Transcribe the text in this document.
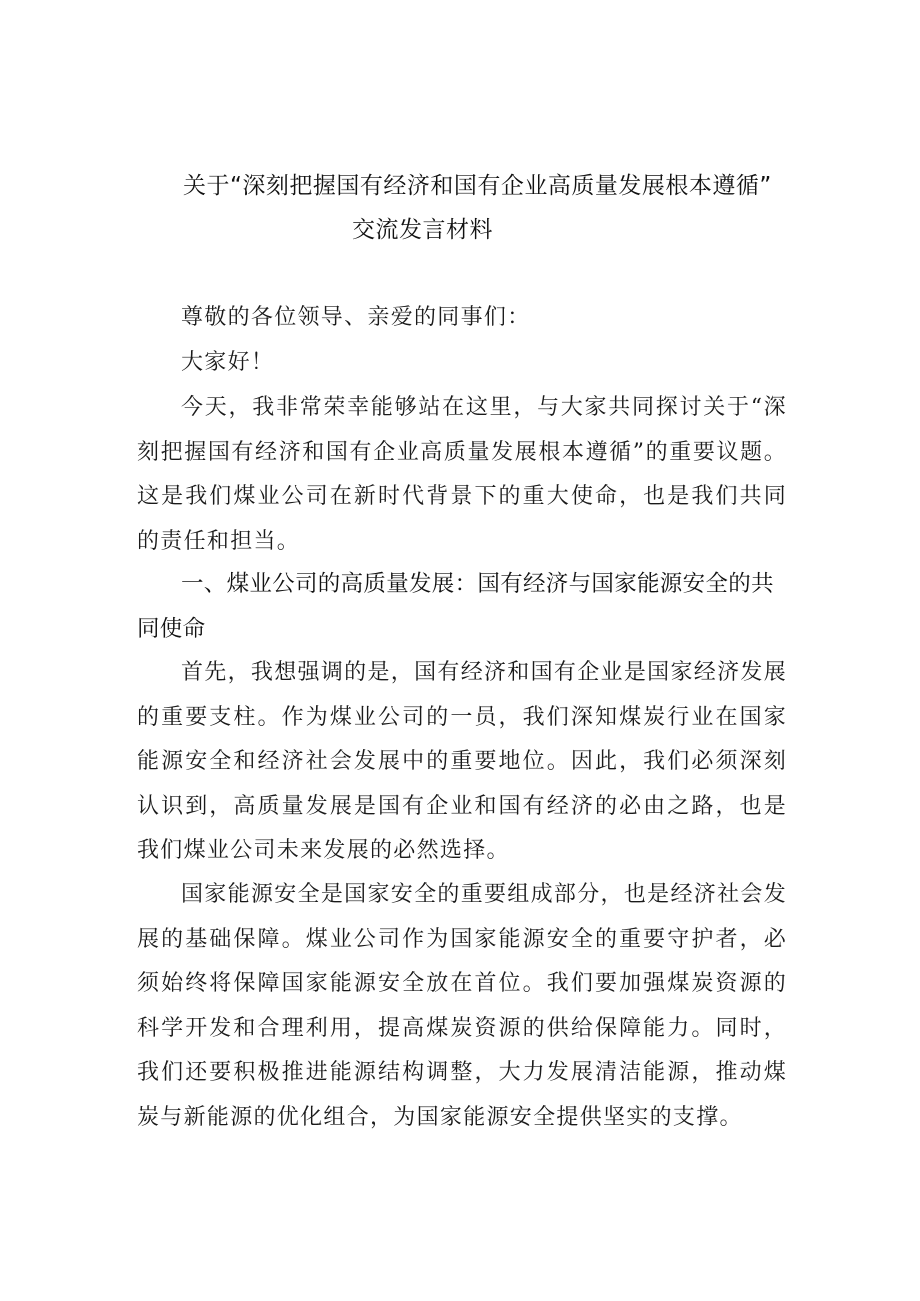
关于“深刻把握国有经济和国有企业高质量发展根本遵循”
交流发言材料

尊敬的各位领导、亲爱的同事们：

大家好！

今天，我非常荣幸能够站在这里，与大家共同探讨关于“深刻把握国有经济和国有企业高质量发展根本遵循”的重要议题。这是我们煤业公司在新时代背景下的重大使命，也是我们共同的责任和担当。

一、煤业公司的高质量发展：国有经济与国家能源安全的共同使命

首先，我想强调的是，国有经济和国有企业是国家经济发展的重要支柱。作为煤业公司的一员，我们深知煤炭行业在国家能源安全和经济社会发展中的重要地位。因此，我们必须深刻认识到，高质量发展是国有企业和国有经济的必由之路，也是我们煤业公司未来发展的必然选择。

国家能源安全是国家安全的重要组成部分，也是经济社会发展的基础保障。煤业公司作为国家能源安全的重要守护者，必须始终将保障国家能源安全放在首位。我们要加强煤炭资源的科学开发和合理利用，提高煤炭资源的供给保障能力。同时，我们还要积极推进能源结构调整，大力发展清洁能源，推动煤炭与新能源的优化组合，为国家能源安全提供坚实的支撑。
